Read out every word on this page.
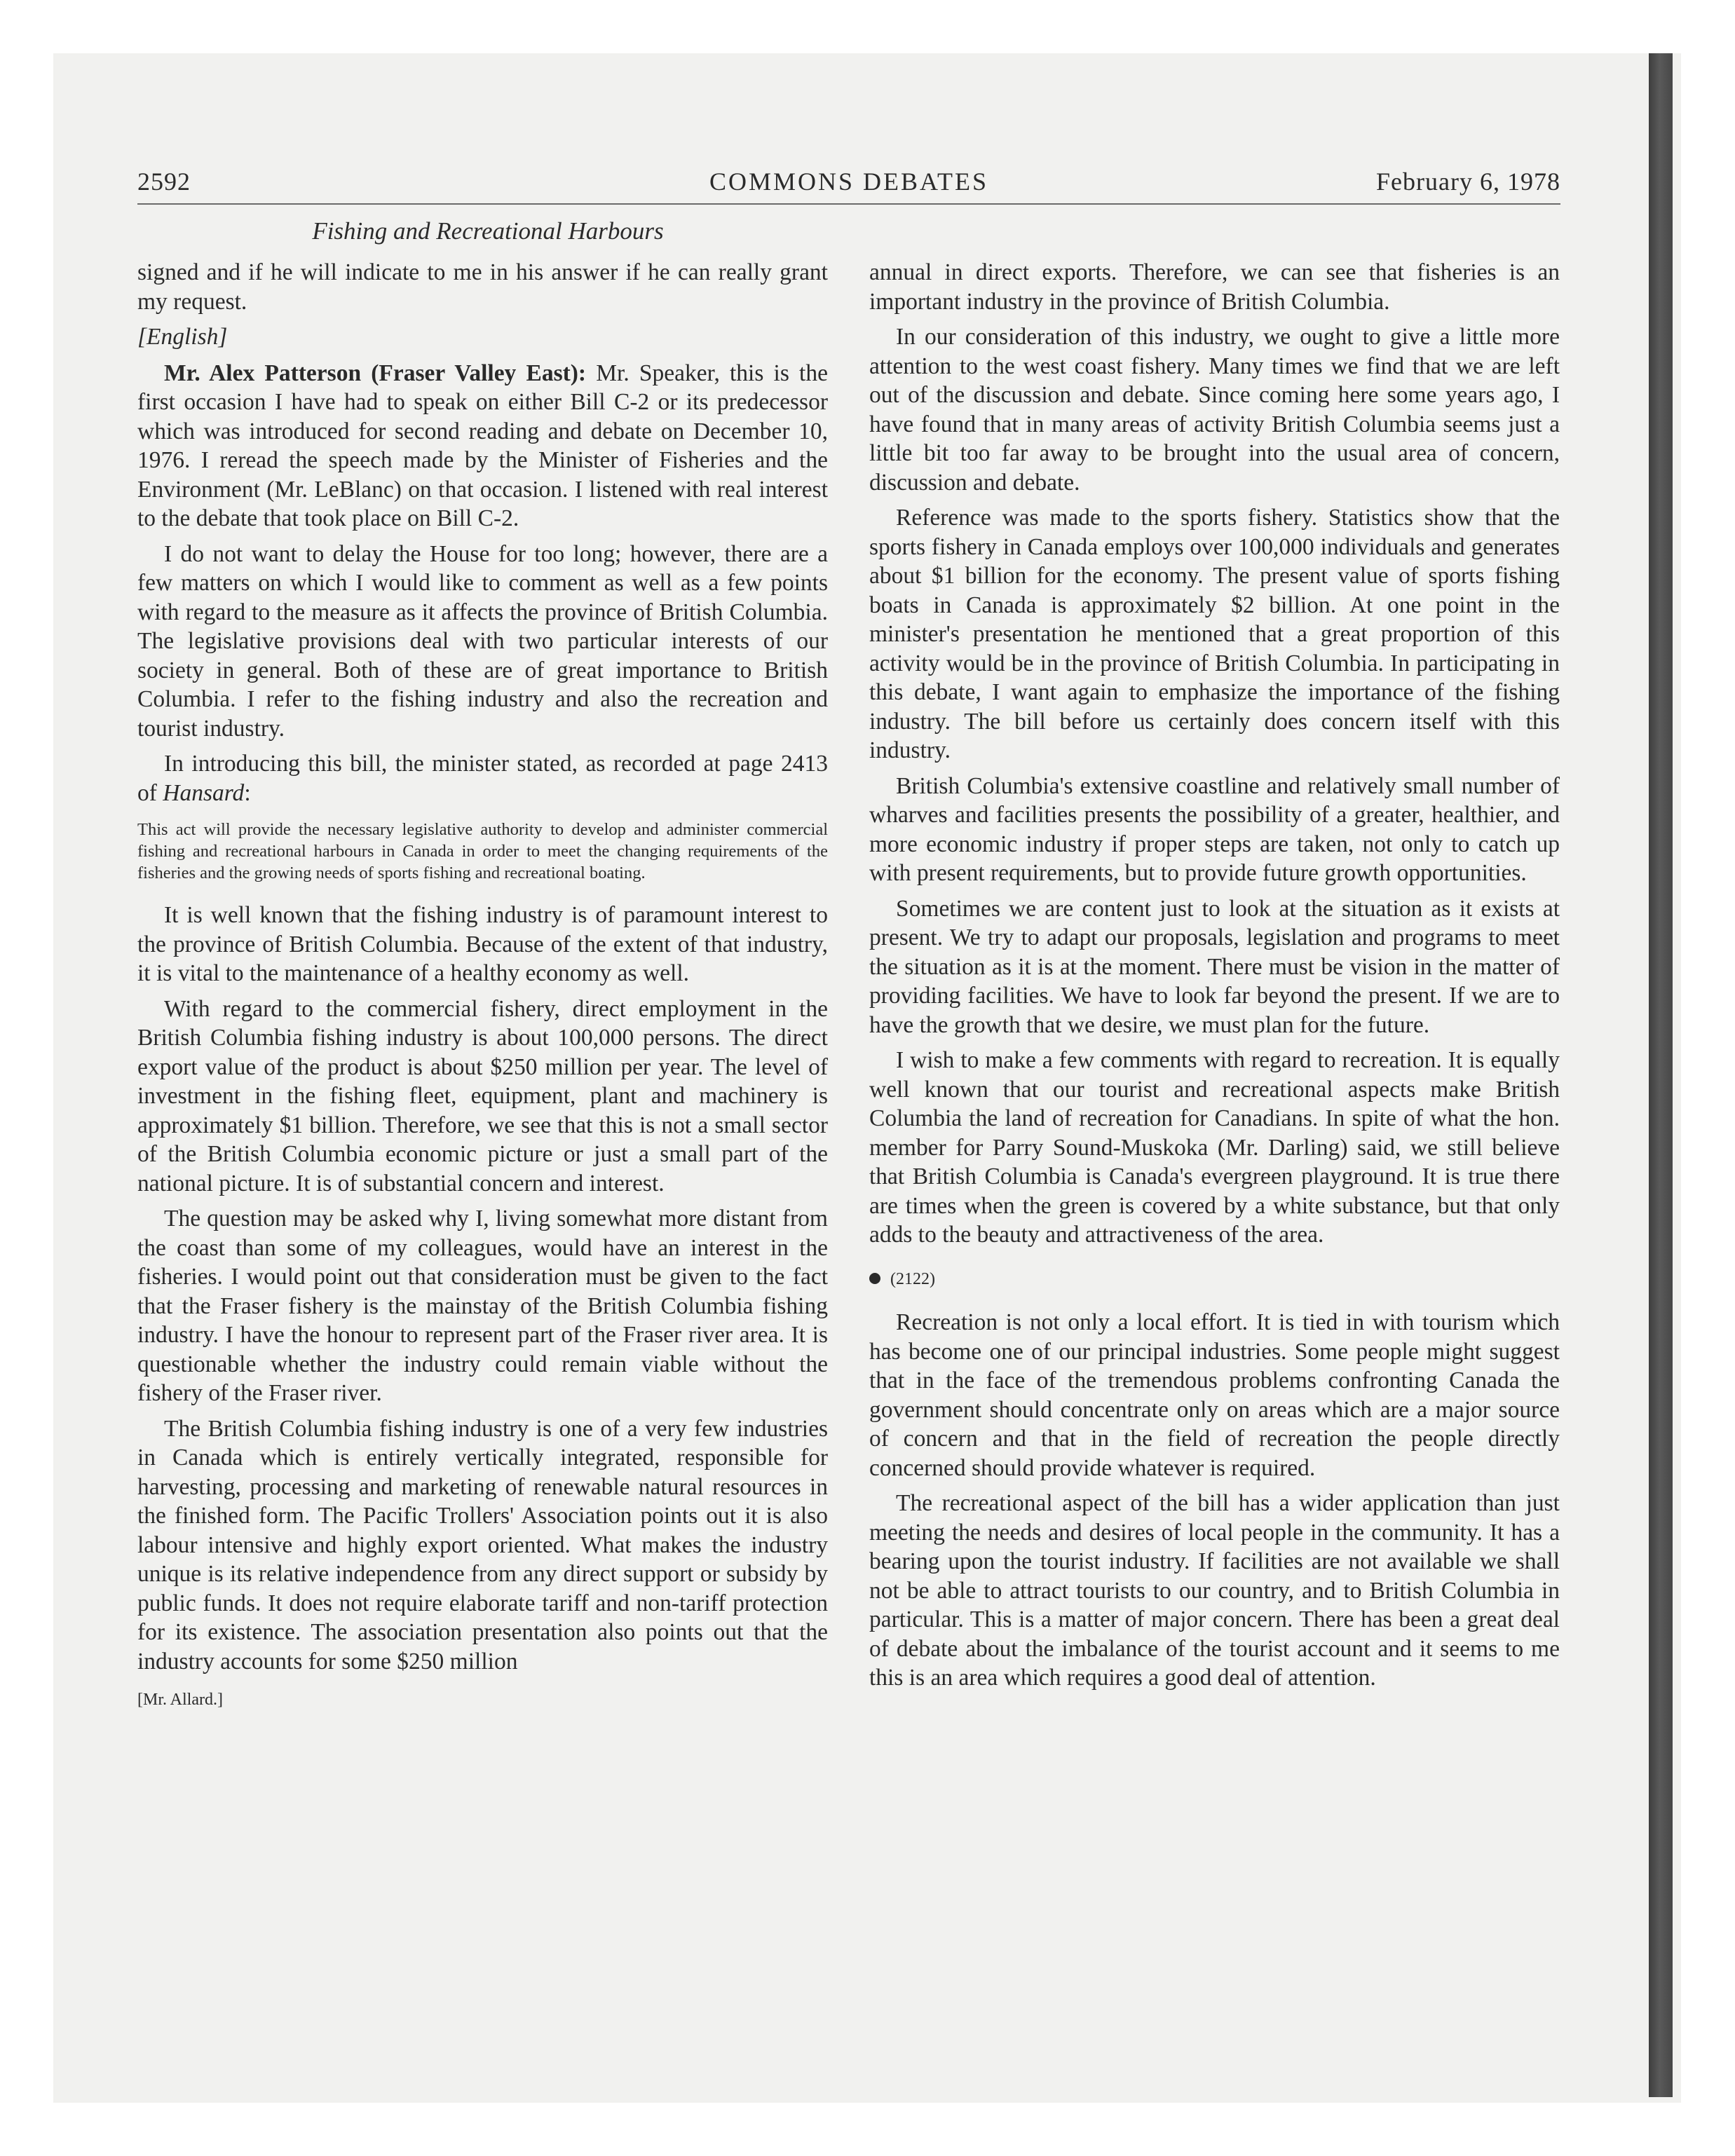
2592	COMMONS DEBATES	February 6, 1978
Fishing and Recreational Harbours

signed and if he will indicate to me in his answer if he can really grant my request.

[English]

Mr. Alex Patterson (Fraser Valley East): Mr. Speaker, this is the first occasion I have had to speak on either Bill C-2 or its predecessor which was introduced for second reading and debate on December 10, 1976. I reread the speech made by the Minister of Fisheries and the Environment (Mr. LeBlanc) on that occasion. I listened with real interest to the debate that took place on Bill C-2.

I do not want to delay the House for too long; however, there are a few matters on which I would like to comment as well as a few points with regard to the measure as it affects the province of British Columbia. The legislative provisions deal with two particular interests of our society in general. Both of these are of great importance to British Columbia. I refer to the fishing industry and also the recreation and tourist industry.

In introducing this bill, the minister stated, as recorded at page 2413 of Hansard:

This act will provide the necessary legislative authority to develop and administer commercial fishing and recreational harbours in Canada in order to meet the changing requirements of the fisheries and the growing needs of sports fishing and recreational boating.

It is well known that the fishing industry is of paramount interest to the province of British Columbia. Because of the extent of that industry, it is vital to the maintenance of a healthy economy as well.

With regard to the commercial fishery, direct employment in the British Columbia fishing industry is about 100,000 persons. The direct export value of the product is about $250 million per year. The level of investment in the fishing fleet, equipment, plant and machinery is approximately $1 billion. Therefore, we see that this is not a small sector of the British Columbia economic picture or just a small part of the national picture. It is of substantial concern and interest.

The question may be asked why I, living somewhat more distant from the coast than some of my colleagues, would have an interest in the fisheries. I would point out that consideration must be given to the fact that the Fraser fishery is the mainstay of the British Columbia fishing industry. I have the honour to represent part of the Fraser river area. It is questionable whether the industry could remain viable without the fishery of the Fraser river.

The British Columbia fishing industry is one of a very few industries in Canada which is entirely vertically integrated, responsible for harvesting, processing and marketing of renewable natural resources in the finished form. The Pacific Trollers' Association points out it is also labour intensive and highly export oriented. What makes the industry unique is its relative independence from any direct support or subsidy by public funds. It does not require elaborate tariff and non-tariff protection for its existence. The association presentation also points out that the industry accounts for some $250 million

[Mr. Allard.]

annual in direct exports. Therefore, we can see that fisheries is an important industry in the province of British Columbia.

In our consideration of this industry, we ought to give a little more attention to the west coast fishery. Many times we find that we are left out of the discussion and debate. Since coming here some years ago, I have found that in many areas of activity British Columbia seems just a little bit too far away to be brought into the usual area of concern, discussion and debate.

Reference was made to the sports fishery. Statistics show that the sports fishery in Canada employs over 100,000 individuals and generates about $1 billion for the economy. The present value of sports fishing boats in Canada is approximately $2 billion. At one point in the minister's presentation he mentioned that a great proportion of this activity would be in the province of British Columbia. In participating in this debate, I want again to emphasize the importance of the fishing industry. The bill before us certainly does concern itself with this industry.

British Columbia's extensive coastline and relatively small number of wharves and facilities presents the possibility of a greater, healthier, and more economic industry if proper steps are taken, not only to catch up with present requirements, but to provide future growth opportunities.

Sometimes we are content just to look at the situation as it exists at present. We try to adapt our proposals, legislation and programs to meet the situation as it is at the moment. There must be vision in the matter of providing facilities. We have to look far beyond the present. If we are to have the growth that we desire, we must plan for the future.

I wish to make a few comments with regard to recreation. It is equally well known that our tourist and recreational aspects make British Columbia the land of recreation for Canadians. In spite of what the hon. member for Parry Sound-Muskoka (Mr. Darling) said, we still believe that British Columbia is Canada's evergreen playground. It is true there are times when the green is covered by a white substance, but that only adds to the beauty and attractiveness of the area.

(2122)

Recreation is not only a local effort. It is tied in with tourism which has become one of our principal industries. Some people might suggest that in the face of the tremendous problems confronting Canada the government should concentrate only on areas which are a major source of concern and that in the field of recreation the people directly concerned should provide whatever is required.

The recreational aspect of the bill has a wider application than just meeting the needs and desires of local people in the community. It has a bearing upon the tourist industry. If facilities are not available we shall not be able to attract tourists to our country, and to British Columbia in particular. This is a matter of major concern. There has been a great deal of debate about the imbalance of the tourist account and it seems to me this is an area which requires a good deal of attention.
